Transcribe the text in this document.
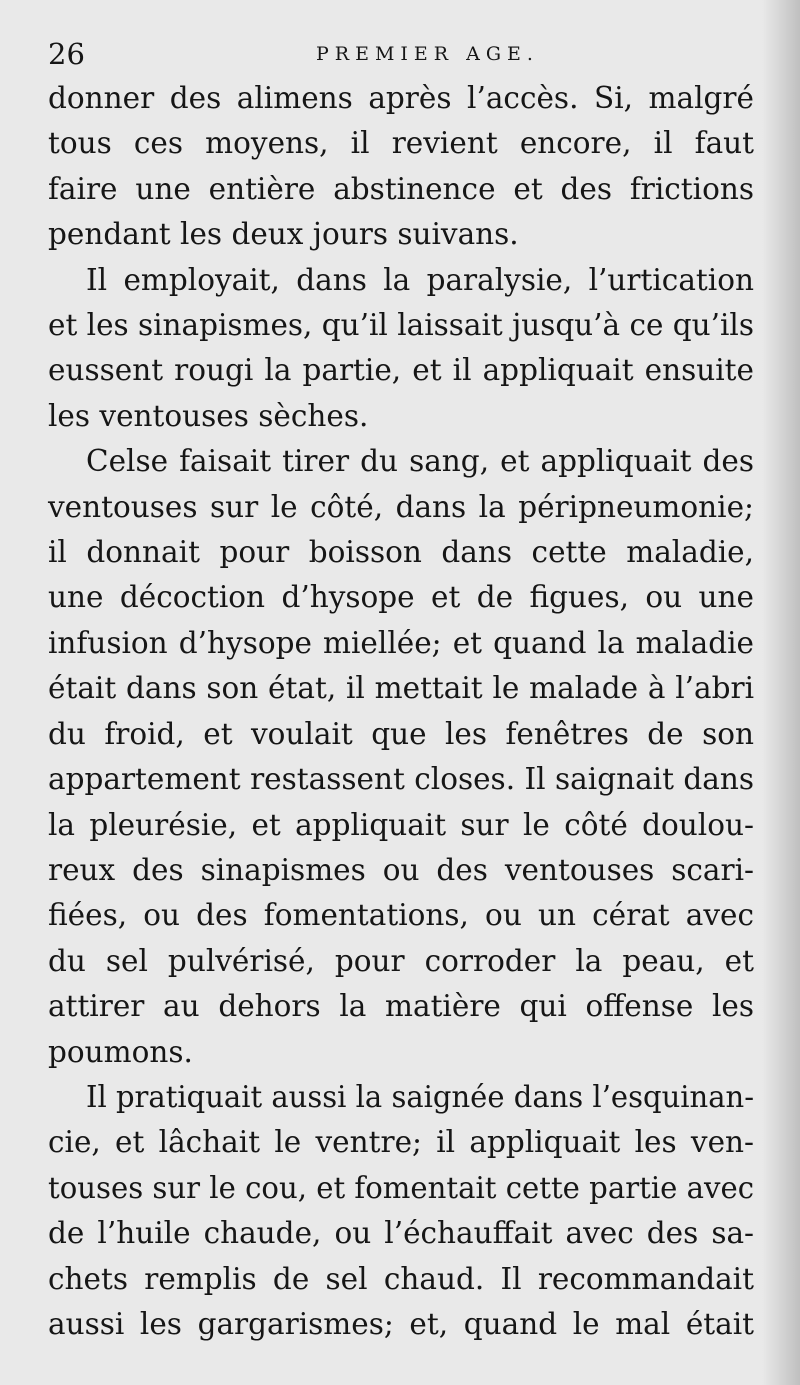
26	PREMIER AGE.
donner des alimens après l’accès. Si, malgré
tous ces moyens, il revient encore, il faut
faire une entière abstinence et des frictions
pendant les deux jours suivans.
Il employait, dans la paralysie, l’urtication
et les sinapismes, qu’il laissait jusqu’à ce qu’ils
eussent rougi la partie, et il appliquait ensuite
les ventouses sèches.
Celse faisait tirer du sang, et appliquait des
ventouses sur le côté, dans la péripneumonie;
il donnait pour boisson dans cette maladie,
une décoction d’hysope et de figues, ou une
infusion d’hysope miellée; et quand la maladie
était dans son état, il mettait le malade à l’abri
du froid, et voulait que les fenêtres de son
appartement restassent closes. Il saignait dans
la pleurésie, et appliquait sur le côté doulou-
reux des sinapismes ou des ventouses scari-
fiées, ou des fomentations, ou un cérat avec
du sel pulvérisé, pour corroder la peau, et
attirer au dehors la matière qui offense les
poumons.
Il pratiquait aussi la saignée dans l’esquinan-
cie, et lâchait le ventre; il appliquait les ven-
touses sur le cou, et fomentait cette partie avec
de l’huile chaude, ou l’échauffait avec des sa-
chets remplis de sel chaud. Il recommandait
aussi les gargarismes; et, quand le mal était
